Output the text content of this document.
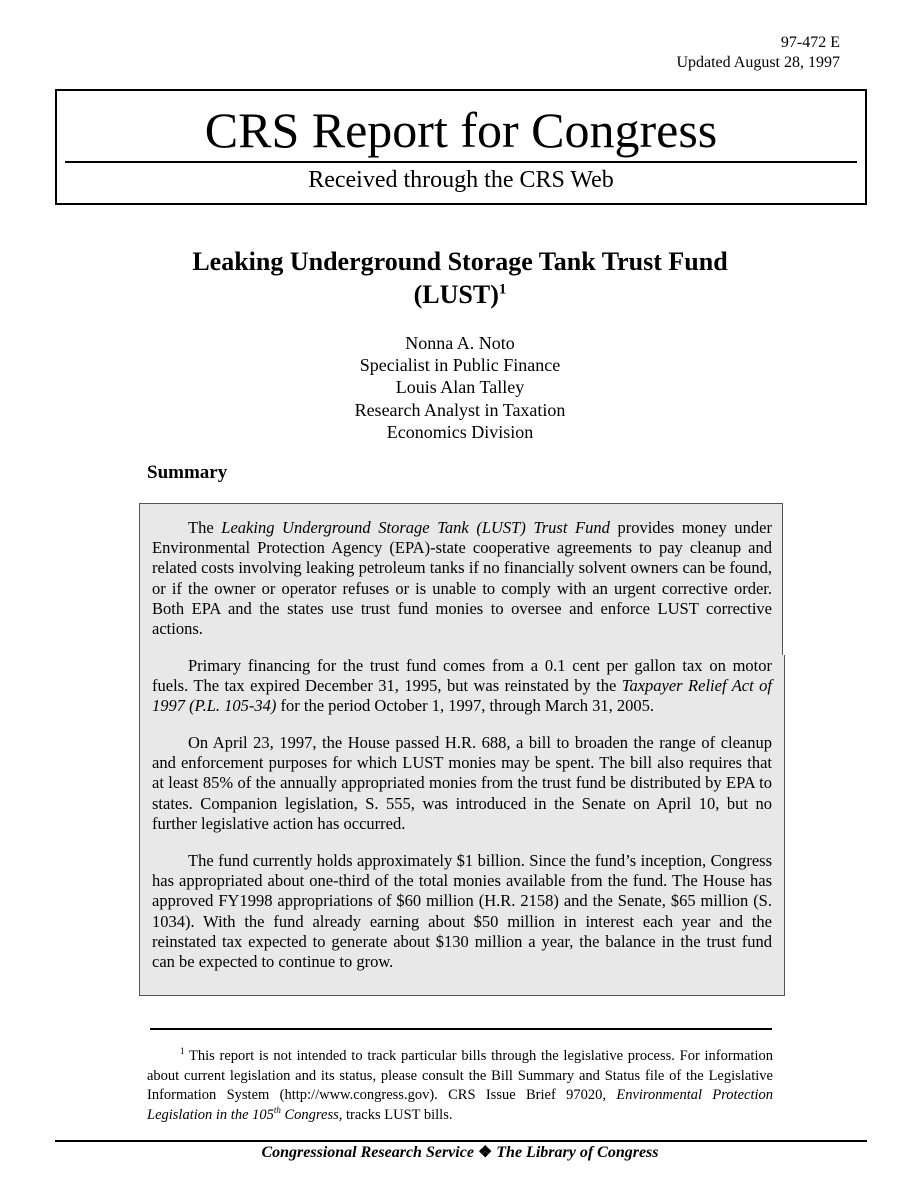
97-472 E
Updated August 28, 1997
CRS Report for Congress
Received through the CRS Web
Leaking Underground Storage Tank Trust Fund
(LUST)$^1$
Nonna A. Noto
Specialist in Public Finance
Louis Alan Talley
Research Analyst in Taxation
Economics Division
Summary

The Leaking Underground Storage Tank (LUST) Trust Fund provides money under Environmental Protection Agency (EPA)-state cooperative agreements to pay cleanup and related costs involving leaking petroleum tanks if no financially solvent owners can be found, or if the owner or operator refuses or is unable to comply with an urgent corrective order. Both EPA and the states use trust fund monies to oversee and enforce LUST corrective actions.

Primary financing for the trust fund comes from a 0.1 cent per gallon tax on motor fuels. The tax expired December 31, 1995, but was reinstated by the Taxpayer Relief Act of 1997 (P.L. 105-34) for the period October 1, 1997, through March 31, 2005.

On April 23, 1997, the House passed H.R. 688, a bill to broaden the range of cleanup and enforcement purposes for which LUST monies may be spent. The bill also requires that at least 85% of the annually appropriated monies from the trust fund be distributed by EPA to states. Companion legislation, S. 555, was introduced in the Senate on April 10, but no further legislative action has occurred.

The fund currently holds approximately $1 billion. Since the fund’s inception, Congress has appropriated about one-third of the total monies available from the fund. The House has approved FY1998 appropriations of $60 million (H.R. 2158) and the Senate, $65 million (S. 1034). With the fund already earning about $50 million in interest each year and the reinstated tax expected to generate about $130 million a year, the balance in the trust fund can be expected to continue to grow.

$^1$ This report is not intended to track particular bills through the legislative process. For information about current legislation and its status, please consult the Bill Summary and Status file of the Legislative Information System (http://www.congress.gov). CRS Issue Brief 97020, Environmental Protection Legislation in the 105th Congress, tracks LUST bills.

Congressional Research Service ❖ The Library of Congress
